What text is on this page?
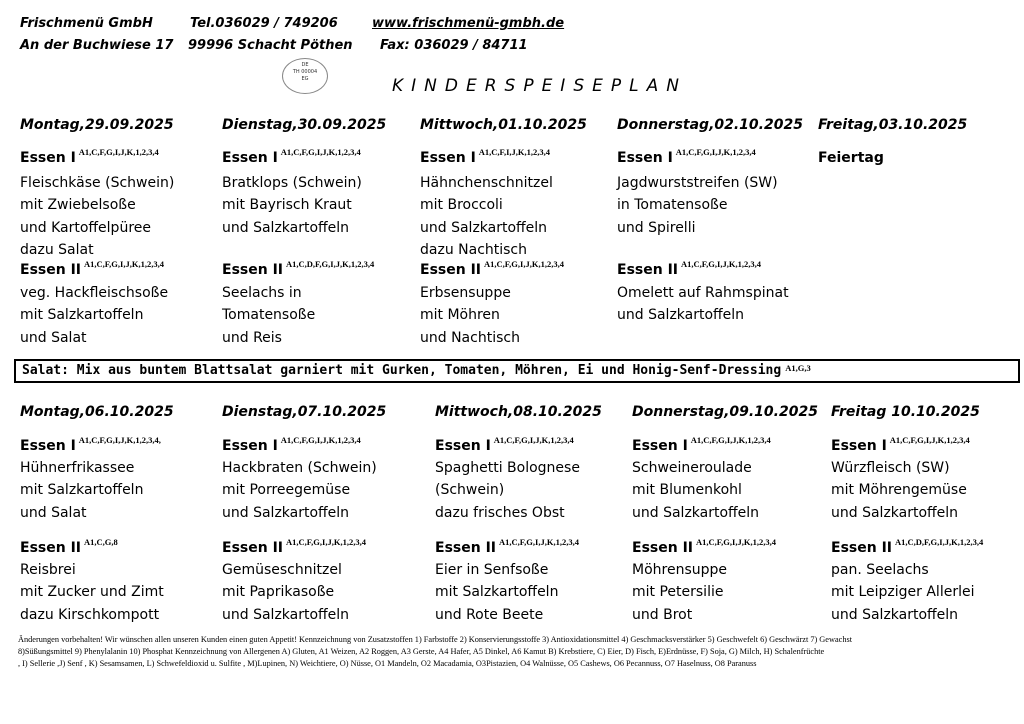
Frischmenü GmbH	Tel.036029 / 749206	www.frischmenü-gmbh.de
An der Buchwiese 17 99996 Schacht Pöthen Fax: 036029 / 84711
DE
TH 00004
EG	KINDERSPEISEPLAN
Montag,29.09.2025
Essen I $^{A1,C,F,G,I,J,K,1,2,3,4}$
Fleischkäse (Schwein)
mit Zwiebelsoße
und Kartoffelpüree
dazu Salat
Essen II $^{A1,C,F,G,I,J,K,1,2,3,4}$
veg. Hackfleischsoße
mit Salzkartoffeln
und Salat
Dienstag,30.09.2025
Essen I $^{A1,C,F,G,I,J,K,1,2,3,4}$
Bratklops (Schwein)
mit Bayrisch Kraut
und Salzkartoffeln
Essen II $^{A1,C,D,F,G,I,J,K,1,2,3,4}$
Seelachs in
Tomatensoße
und Reis
Mittwoch,01.10.2025
Essen I $^{A1,C,F,I,J,K,1,2,3,4}$
Hähnchenschnitzel
mit Broccoli
und Salzkartoffeln
dazu Nachtisch
Essen II $^{A1,C,F,G,I,J,K,1,2,3,4}$
Erbsensuppe
mit Möhren
und Nachtisch
Donnerstag,02.10.2025
Essen I $^{A1,C,F,G,I,J,K,1,2,3,4}$
Jagdwurststreifen (SW)
in Tomatensoße
und Spirelli
Essen II $^{A1,C,F,G,I,J,K,1,2,3,4}$
Omelett auf Rahmspinat
und Salzkartoffeln
Freitag,03.10.2025
Feiertag
Salat: Mix aus buntem Blattsalat garniert mit Gurken, Tomaten, Möhren, Ei und Honig-Senf-Dressing $^{A1,G,3}$
Montag,06.10.2025
Essen I $^{A1,C,F,G,I,J,K,1,2,3,4,}$
Hühnerfrikassee
mit Salzkartoffeln
und Salat
Essen II $^{A1,C,G,8}$
Reisbrei
mit Zucker und Zimt
dazu Kirschkompott
Dienstag,07.10.2025
Essen I $^{A1,C,F,G,I,J,K,1,2,3,4}$
Hackbraten (Schwein)
mit Porreegemüse
und Salzkartoffeln
Essen II $^{A1,C,F,G,I,J,K,1,2,3,4}$
Gemüseschnitzel
mit Paprikasoße
und Salzkartoffeln
Mittwoch,08.10.2025
Essen I $^{A1,C,F,G,I,J,K,1,2,3,4}$
Spaghetti Bolognese
(Schwein)
dazu frisches Obst
Essen II $^{A1,C,F,G,I,J,K,1,2,3,4}$
Eier in Senfsoße
mit Salzkartoffeln
und Rote Beete
Donnerstag,09.10.2025
Essen I $^{A1,C,F,G,I,J,K,1,2,3,4}$
Schweineroulade
mit Blumenkohl
und Salzkartoffeln
Essen II $^{A1,C,F,G,I,J,K,1,2,3,4}$
Möhrensuppe
mit Petersilie
und Brot
Freitag 10.10.2025
Essen I $^{A1,C,F,G,I,J,K,1,2,3,4}$
Würzfleisch (SW)
mit Möhrengemüse
und Salzkartoffeln
Essen II $^{A1,C,D,F,G,I,J,K,1,2,3,4}$
pan. Seelachs
mit Leipziger Allerlei
und Salzkartoffeln
Änderungen vorbehalten! Wir wünschen allen unseren Kunden einen guten Appetit! Kennzeichnung von Zusatzstoffen 1) Farbstoffe 2) Konservierungsstoffe 3) Antioxidationsmittel 4) Geschmacksverstärker 5) Geschwefelt 6) Geschwärzt 7) Gewachst
8)Süßungsmittel 9) Phenylalanin 10) Phosphat Kennzeichnung von Allergenen A) Gluten, A1 Weizen, A2 Roggen, A3 Gerste, A4 Hafer, A5 Dinkel, A6 Kamut B) Krebstiere, C) Eier, D) Fisch, E)Erdnüsse, F) Soja, G) Milch, H) Schalenfrüchte
, I) Sellerie ,J) Senf , K) Sesamsamen, L) Schwefeldioxid u. Sulfite , M)Lupinen, N) Weichtiere, O) Nüsse, O1 Mandeln, O2 Macadamia, O3Pistazien, O4 Walnüsse, O5 Cashews, O6 Pecannuss, O7 Haselnuss, O8 Paranuss
